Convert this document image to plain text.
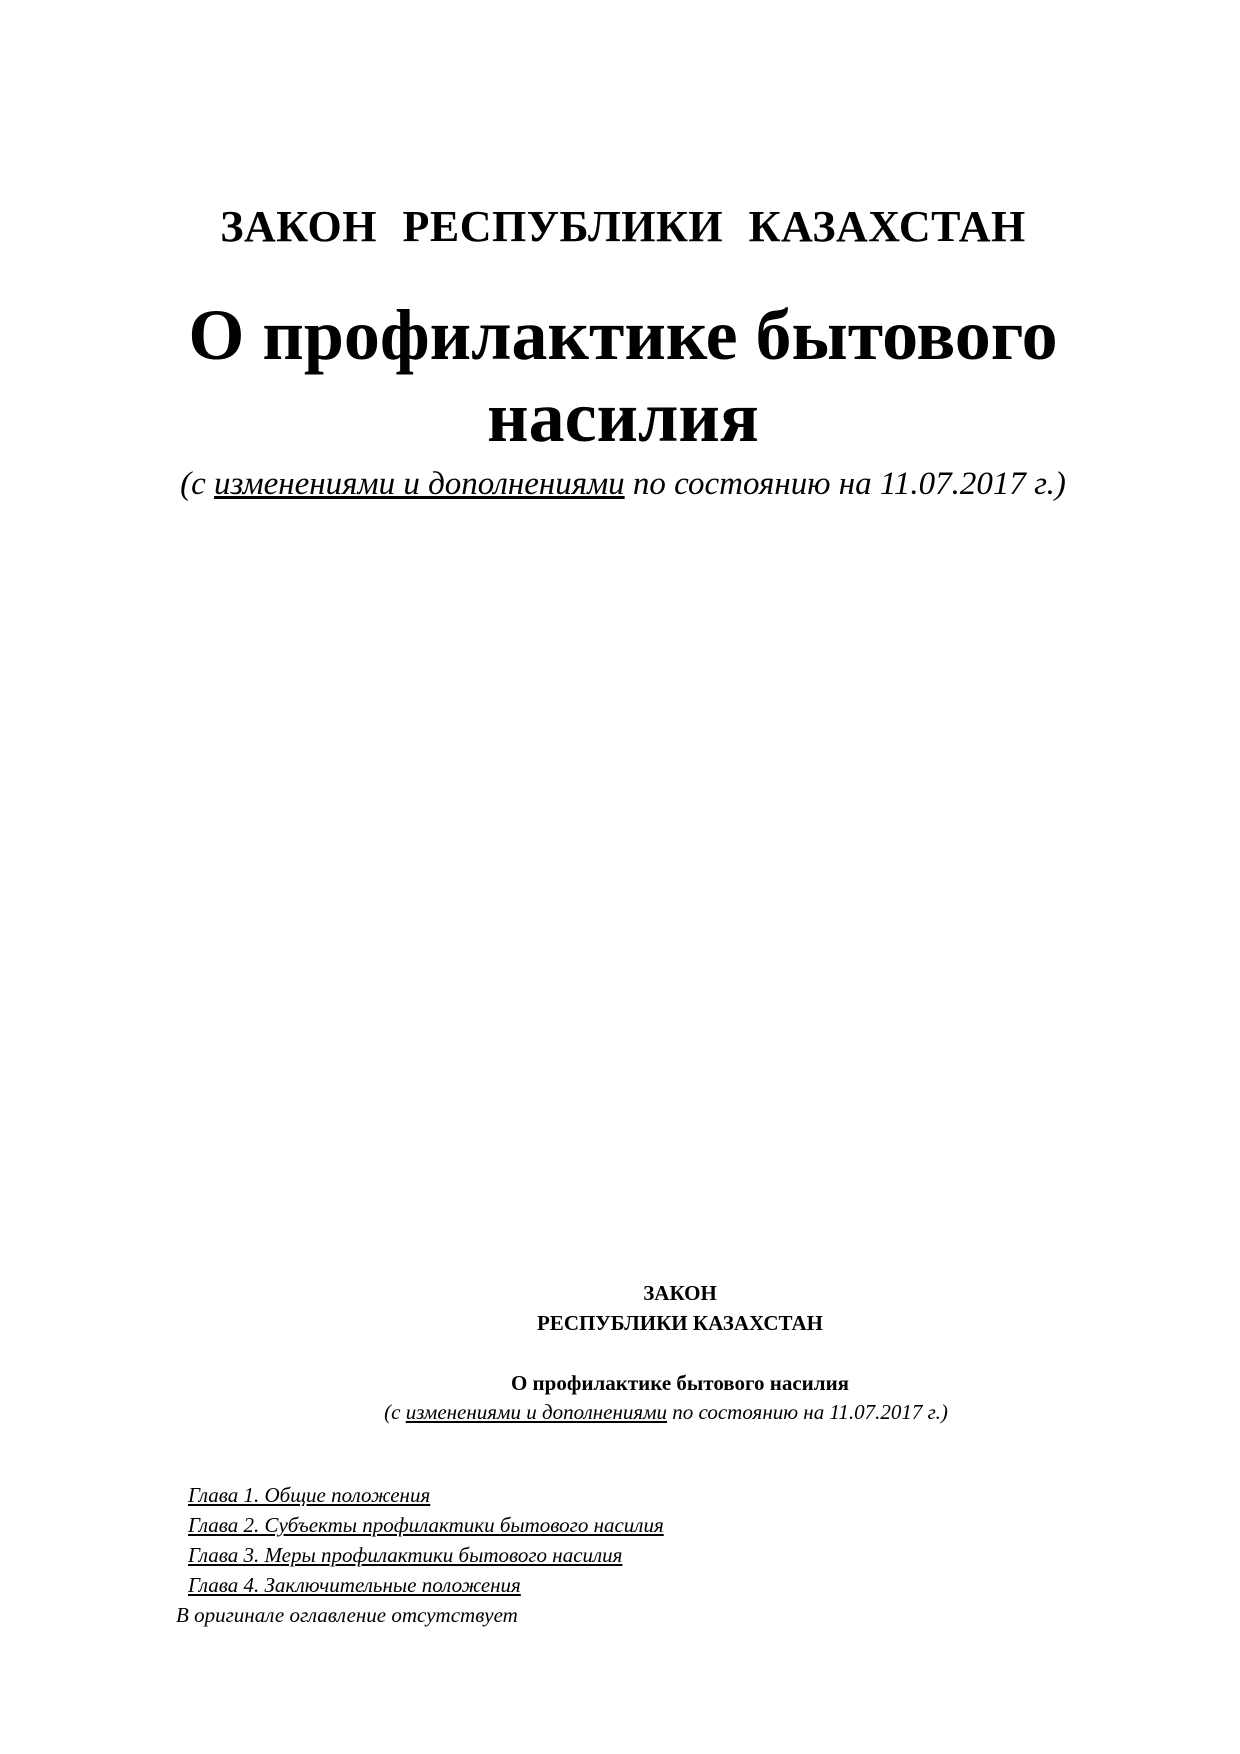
ЗАКОН РЕСПУБЛИКИ КАЗАХСТАН
О профилактике бытового
насилия
(с изменениями и дополнениями по состоянию на 11.07.2017 г.)
ЗАКОН
РЕСПУБЛИКИ КАЗАХСТАН
О профилактике бытового насилия
(с изменениями и дополнениями по состоянию на 11.07.2017 г.)
Глава 1. Общие положения
Глава 2. Субъекты профилактики бытового насилия
Глава 3. Меры профилактики бытового насилия
Глава 4. Заключительные положения
В оригинале оглавление отсутствует
